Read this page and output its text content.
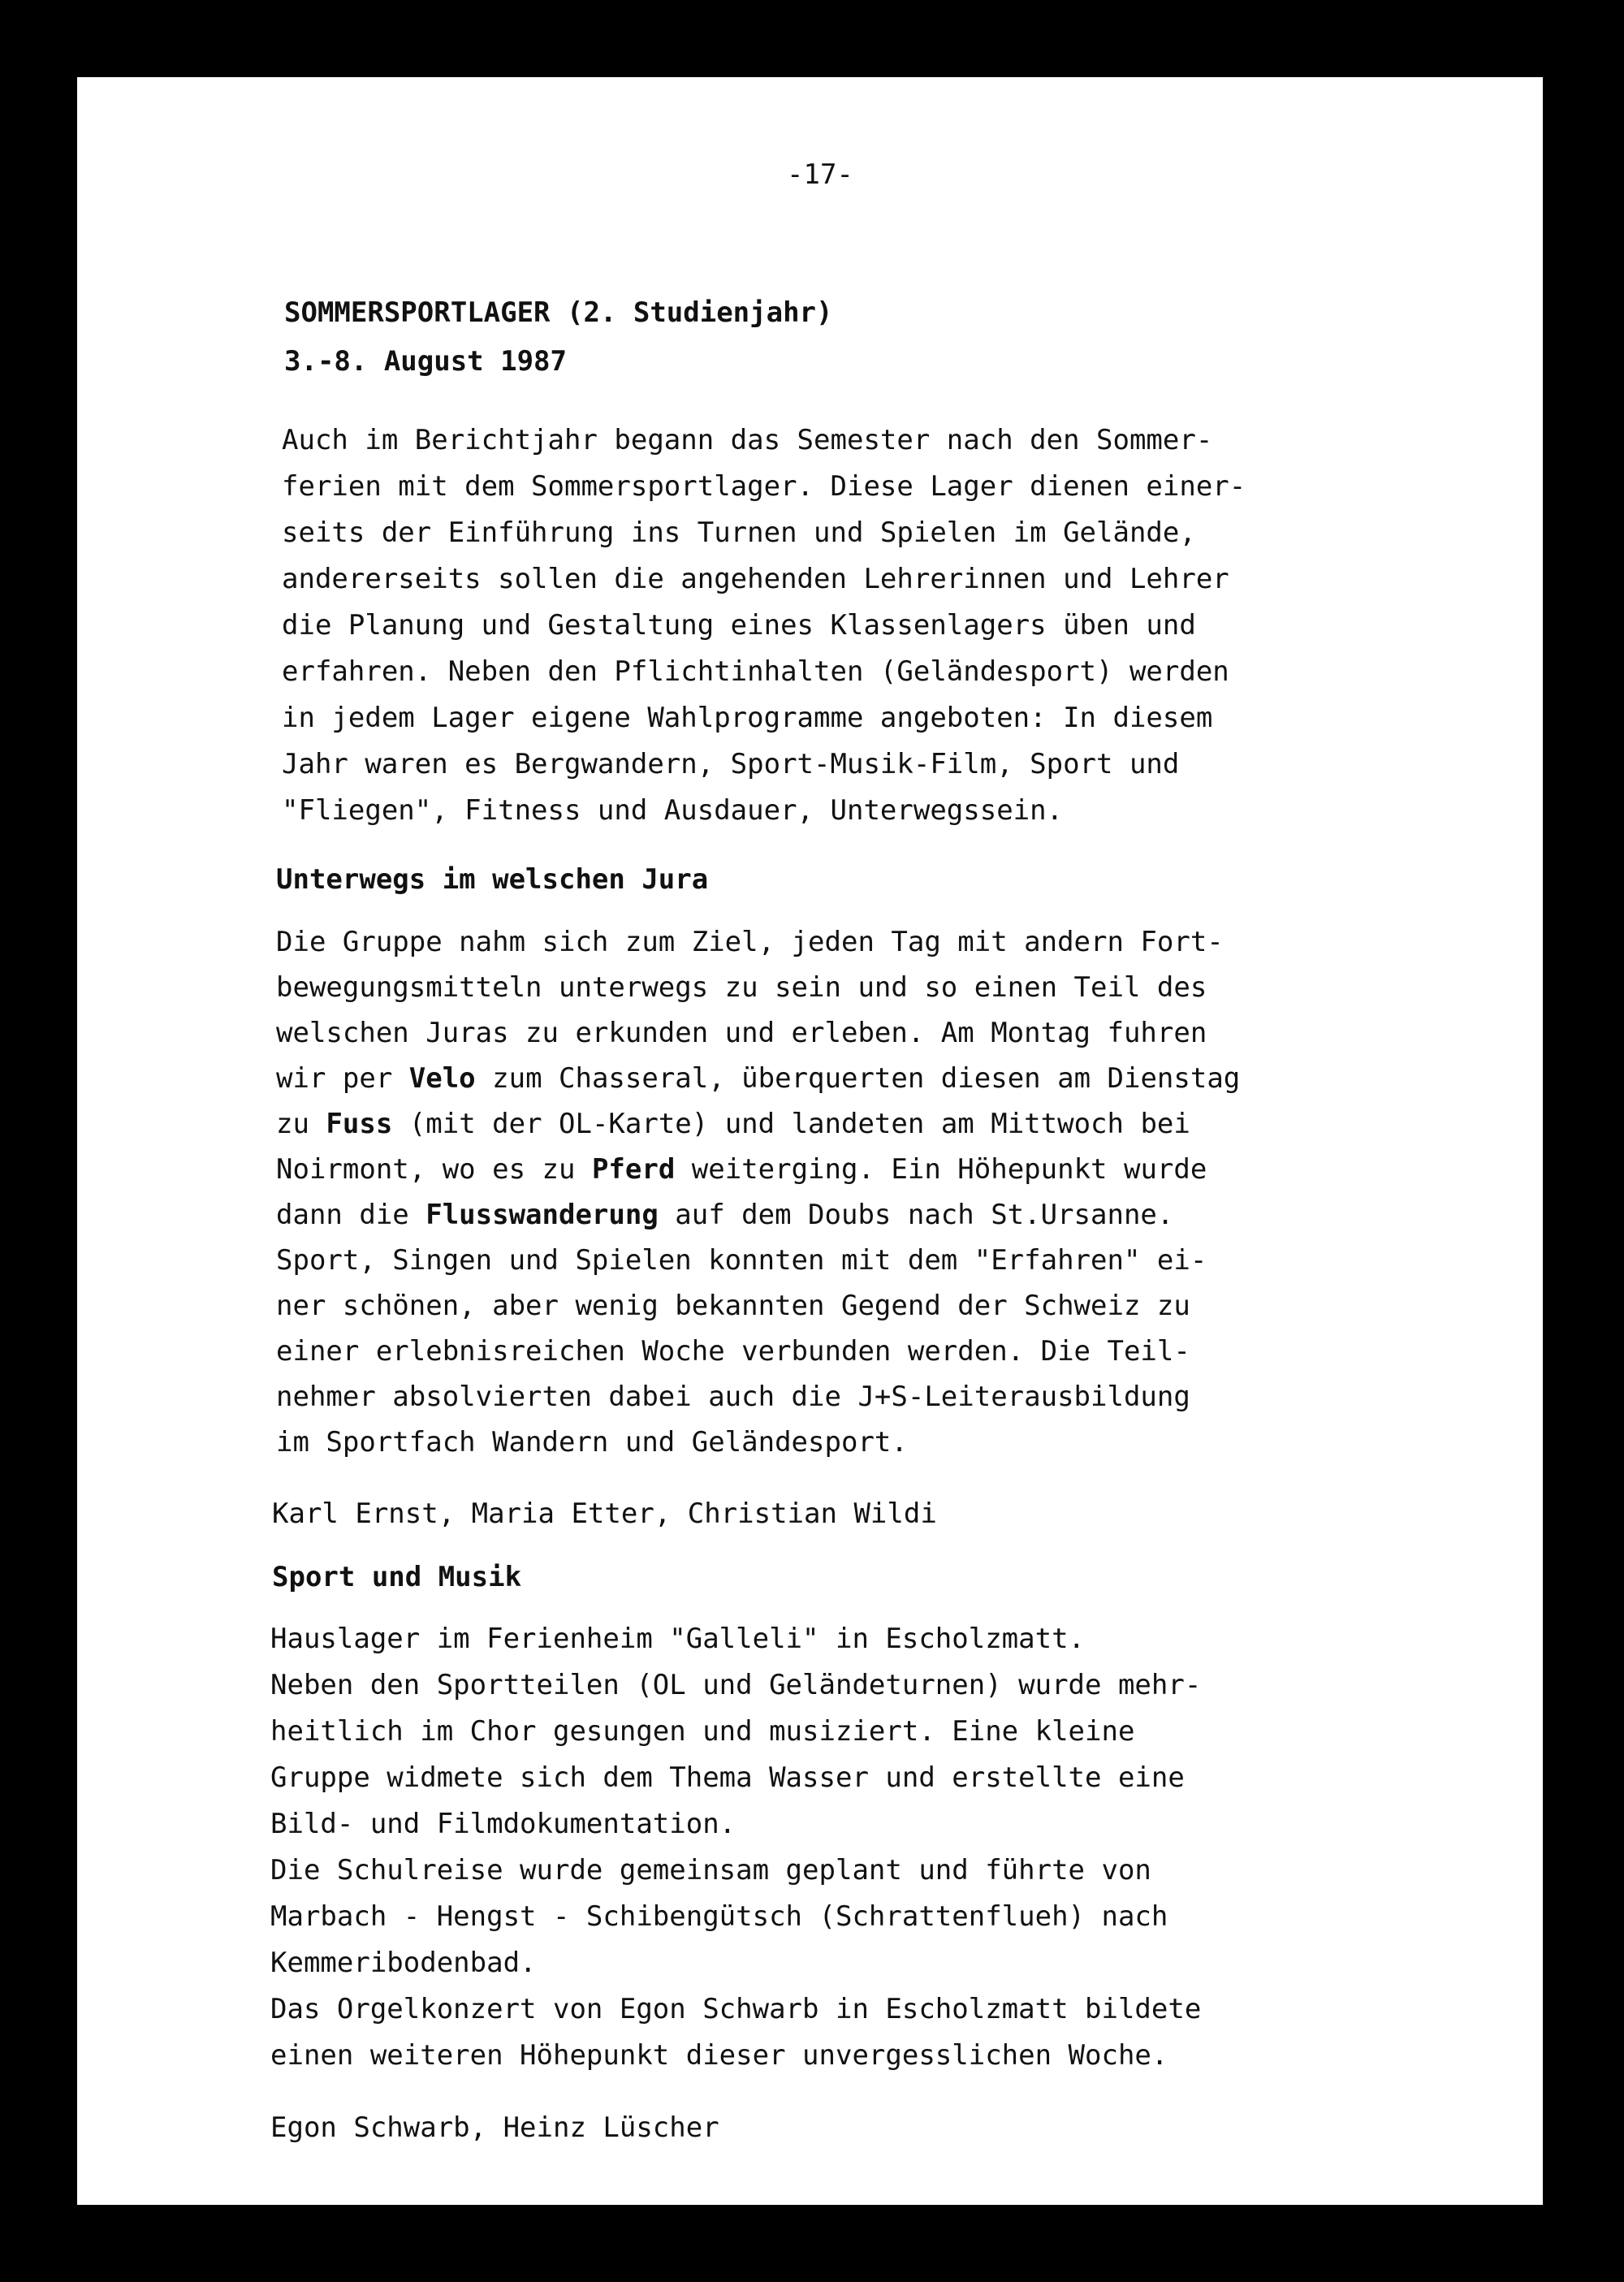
-17-
SOMMERSPORTLAGER (2. Studienjahr)
3.-8. August 1987
Auch im Berichtjahr begann das Semester nach den Sommer-
ferien mit dem Sommersportlager. Diese Lager dienen einer-
seits der Einführung ins Turnen und Spielen im Gelände,
andererseits sollen die angehenden Lehrerinnen und Lehrer
die Planung und Gestaltung eines Klassenlagers üben und
erfahren. Neben den Pflichtinhalten (Geländesport) werden
in jedem Lager eigene Wahlprogramme angeboten: In diesem
Jahr waren es Bergwandern, Sport-Musik-Film, Sport und
"Fliegen", Fitness und Ausdauer, Unterwegssein.
Unterwegs im welschen Jura
Die Gruppe nahm sich zum Ziel, jeden Tag mit andern Fort-
bewegungsmitteln unterwegs zu sein und so einen Teil des
welschen Juras zu erkunden und erleben. Am Montag fuhren
wir per Velo zum Chasseral, überquerten diesen am Dienstag
zu Fuss (mit der OL-Karte) und landeten am Mittwoch bei
Noirmont, wo es zu Pferd weiterging. Ein Höhepunkt wurde
dann die Flusswanderung auf dem Doubs nach St.Ursanne.
Sport, Singen und Spielen konnten mit dem "Erfahren" ei-
ner schönen, aber wenig bekannten Gegend der Schweiz zu
einer erlebnisreichen Woche verbunden werden. Die Teil-
nehmer absolvierten dabei auch die J+S-Leiterausbildung
im Sportfach Wandern und Geländesport.
Karl Ernst, Maria Etter, Christian Wildi
Sport und Musik
Hauslager im Ferienheim "Galleli" in Escholzmatt.
Neben den Sportteilen (OL und Geländeturnen) wurde mehr-
heitlich im Chor gesungen und musiziert. Eine kleine
Gruppe widmete sich dem Thema Wasser und erstellte eine
Bild- und Filmdokumentation.
Die Schulreise wurde gemeinsam geplant und führte von
Marbach - Hengst - Schibengütsch (Schrattenflueh) nach
Kemmeribodenbad.
Das Orgelkonzert von Egon Schwarb in Escholzmatt bildete
einen weiteren Höhepunkt dieser unvergesslichen Woche.
Egon Schwarb, Heinz Lüscher
